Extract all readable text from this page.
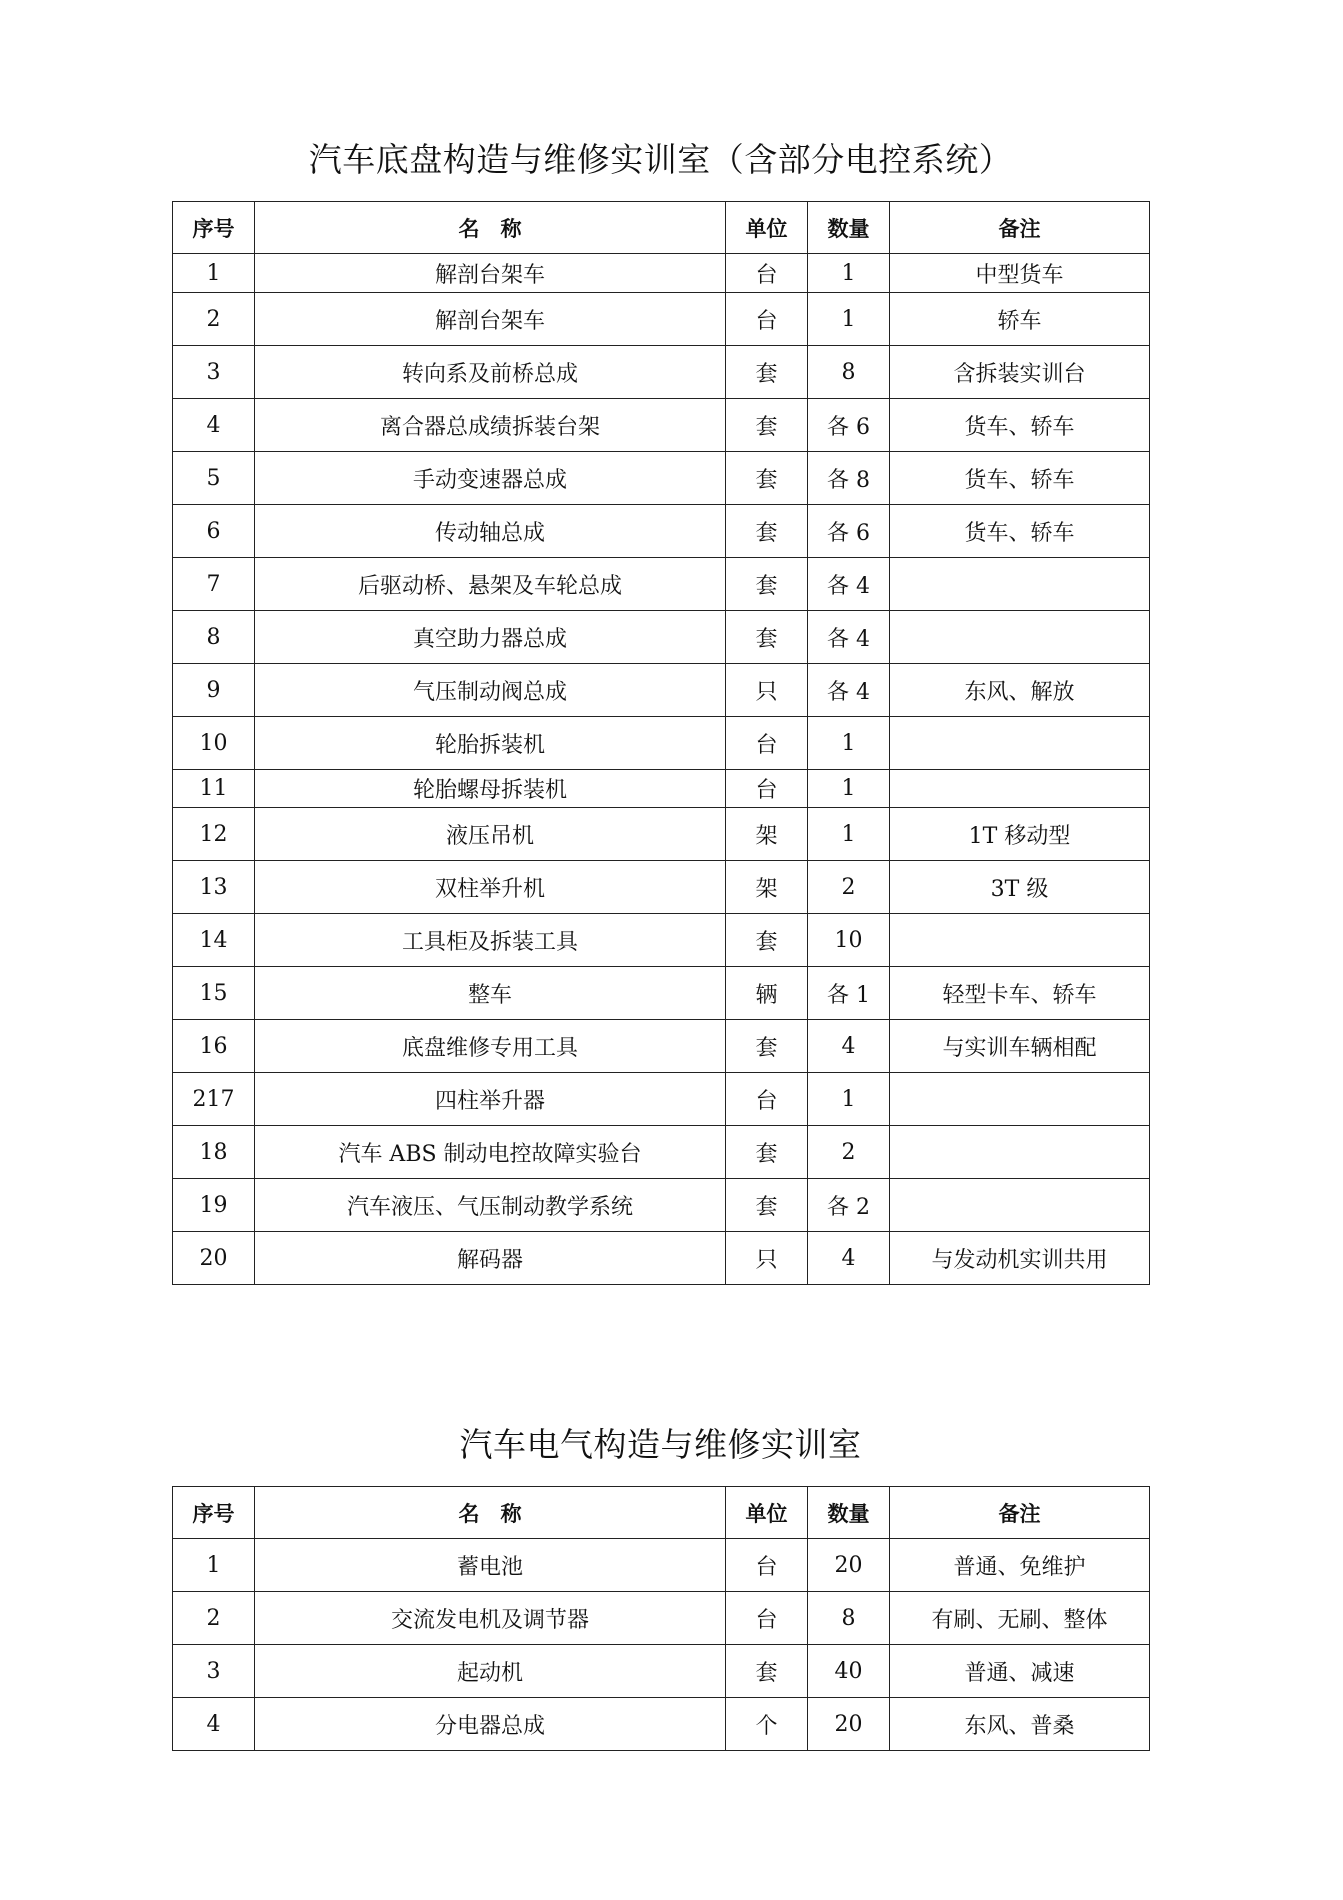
汽车底盘构造与维修实训室（含部分电控系统）
序号	名　称	单位	数量	备注
1	解剖台架车	台	1	中型货车
2	解剖台架车	台	1	轿车
3	转向系及前桥总成	套	8	含拆装实训台
4	离合器总成绩拆装台架	套	各 6	货车、轿车
5	手动变速器总成	套	各 8	货车、轿车
6	传动轴总成	套	各 6	货车、轿车
7	后驱动桥、悬架及车轮总成	套	各 4	
8	真空助力器总成	套	各 4	
9	气压制动阀总成	只	各 4	东风、解放
10	轮胎拆装机	台	1	
11	轮胎螺母拆装机	台	1	
12	液压吊机	架	1	1T 移动型
13	双柱举升机	架	2	3T 级
14	工具柜及拆装工具	套	10	
15	整车	辆	各 1	轻型卡车、轿车
16	底盘维修专用工具	套	4	与实训车辆相配
217	四柱举升器	台	1	
18	汽车 ABS 制动电控故障实验台	套	2	
19	汽车液压、气压制动教学系统	套	各 2	
20	解码器	只	4	与发动机实训共用
汽车电气构造与维修实训室
序号	名　称	单位	数量	备注
1	蓄电池	台	20	普通、免维护
2	交流发电机及调节器	台	8	有刷、无刷、整体
3	起动机	套	40	普通、减速
4	分电器总成	个	20	东风、普桑
